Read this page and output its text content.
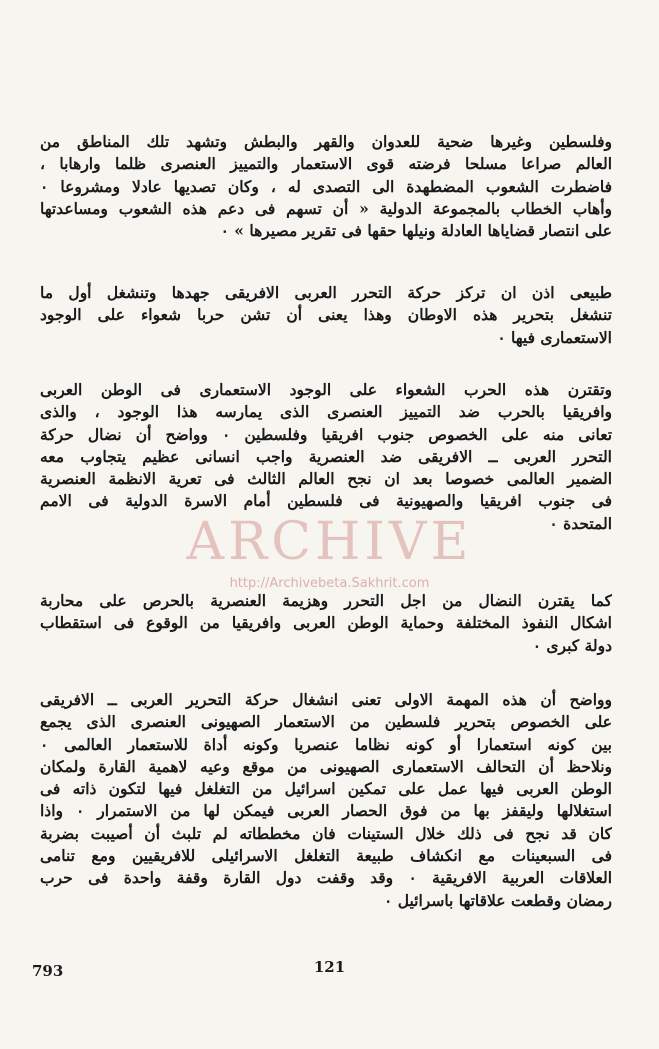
وفلسطين وغيرها ضحية للعدوان والقهر والبطش وتشهد تلك المناطق من
العالم صراعا مسلحا فرضته قوى الاستعمار والتمييز العنصرى ظلما وارهابا ،
فاضطرت الشعوب المضطهدة الى التصدى له ، وكان تصديها عادلا ومشروعا ٠
وأهاب الخطاب بالمجموعة الدولية « أن تسهم فى دعم هذه الشعوب ومساعدتها
على انتصار قضاياها العادلة ونيلها حقها فى تقرير مصيرها » ٠
طبيعى اذن ان تركز حركة التحرر العربى الافريقى جهدها وتنشغل أول ما
تنشغل بتحرير هذه الاوطان وهذا يعنى أن تشن حربا شعواء على الوجود
الاستعمارى فيها ٠
وتقترن هذه الحرب الشعواء على الوجود الاستعمارى فى الوطن العربى
وافريقيا بالحرب ضد التمييز العنصرى الذى يمارسه هذا الوجود ، والذى
تعانى منه على الخصوص جنوب افريقيا وفلسطين ٠ وواضح أن نضال حركة
التحرر العربى ــ الافريقى ضد العنصرية واجب انسانى عظيم يتجاوب معه
الضمير العالمى خصوصا بعد ان نجح العالم الثالث فى تعرية الانظمة العنصرية
فى جنوب افريقيا والصهيونية فى فلسطين أمام الاسرة الدولية فى الامم
المتحدة ٠
كما يقترن النضال من اجل التحرر وهزيمة العنصرية بالحرص على محاربة
اشكال النفوذ المختلفة وحماية الوطن العربى وافريقيا من الوقوع فى استقطاب
دولة كبرى ٠
وواضح أن هذه المهمة الاولى تعنى انشغال حركة التحرير العربى ــ الافريقى
على الخصوص بتحرير فلسطين من الاستعمار الصهيونى العنصرى الذى يجمع
بين كونه استعمارا أو كونه نظاما عنصريا وكونه أداة للاستعمار العالمى ٠
ونلاحظ أن التحالف الاستعمارى الصهيونى من موقع وعيه لاهمية القارة ولمكان
الوطن العربى فيها عمل على تمكين اسرائيل من التغلغل فيها لتكون ذاته فى
استغلالها وليقفز بها من فوق الحصار العربى فيمكن لها من الاستمرار ٠ واذا
كان قد نجح فى ذلك خلال الستينات فان مخططاته لم تلبث أن أصيبت بضربة
فى السبعينات مع انكشاف طبيعة التغلغل الاسرائيلى للافريقيين ومع تنامى
العلاقات العربية الافريقية ٠ وقد وقفت دول القارة وقفة واحدة فى حرب
رمضان وقطعت علاقاتها باسرائيل ٠
ARCHIVE
http://Archivebeta.Sakhrit.com
121
793
